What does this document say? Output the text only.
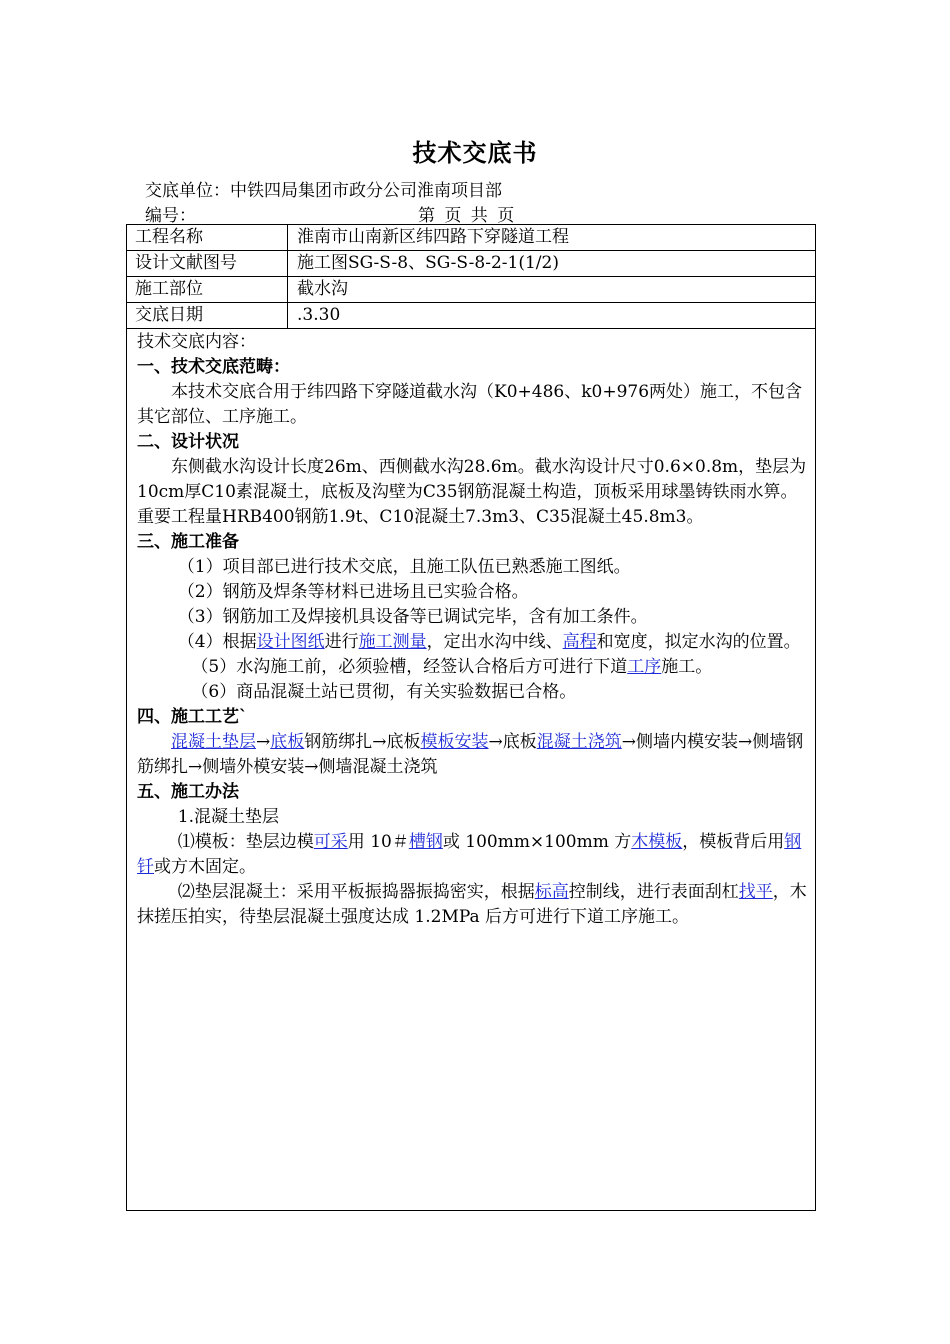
技术交底书
交底单位：中铁四局集团市政分公司淮南项目部
编号：	第 页 共 页
工程名称	淮南市山南新区纬四路下穿隧道工程
设计文献图号	施工图SG-S-8、SG-S-8-2-1(1/2)
施工部位	截水沟
交底日期	.3.30

技术交底内容：

一、技术交底范畴：

本技术交底合用于纬四路下穿隧道截水沟（K0+486、k0+976两处）施工，不包含其它部位、工序施工。

二、设计状况

东侧截水沟设计长度26m、西侧截水沟28.6m。截水沟设计尺寸0.6×0.8m，垫层为10cm厚C10素混凝土，底板及沟壁为C35钢筋混凝土构造，顶板采用球墨铸铁雨水箅。重要工程量HRB400钢筋1.9t、C10混凝土7.3m3、C35混凝土45.8m3。

三、施工准备

（1）项目部已进行技术交底，且施工队伍已熟悉施工图纸。

（2）钢筋及焊条等材料已进场且已实验合格。

（3）钢筋加工及焊接机具设备等已调试完毕，含有加工条件。

（4）根据设计图纸进行施工测量，定出水沟中线、高程和宽度，拟定水沟的位置。

（5）水沟施工前，必须验槽，经签认合格后方可进行下道工序施工。

（6）商品混凝土站已贯彻，有关实验数据已合格。

四、施工工艺`

混凝土垫层→底板钢筋绑扎→底板模板安装→底板混凝土浇筑→侧墙内模安装→侧墙钢筋绑扎→侧墙外模安装→侧墙混凝土浇筑

五、施工办法

1.混凝土垫层

⑴模板：垫层边模可采用 10＃槽钢或 100mm×100mm 方木模板，模板背后用钢钎或方木固定。

⑵垫层混凝土：采用平板振捣器振捣密实，根据标高控制线，进行表面刮杠找平，木抹搓压拍实，待垫层混凝土强度达成 1.2MPa 后方可进行下道工序施工。
